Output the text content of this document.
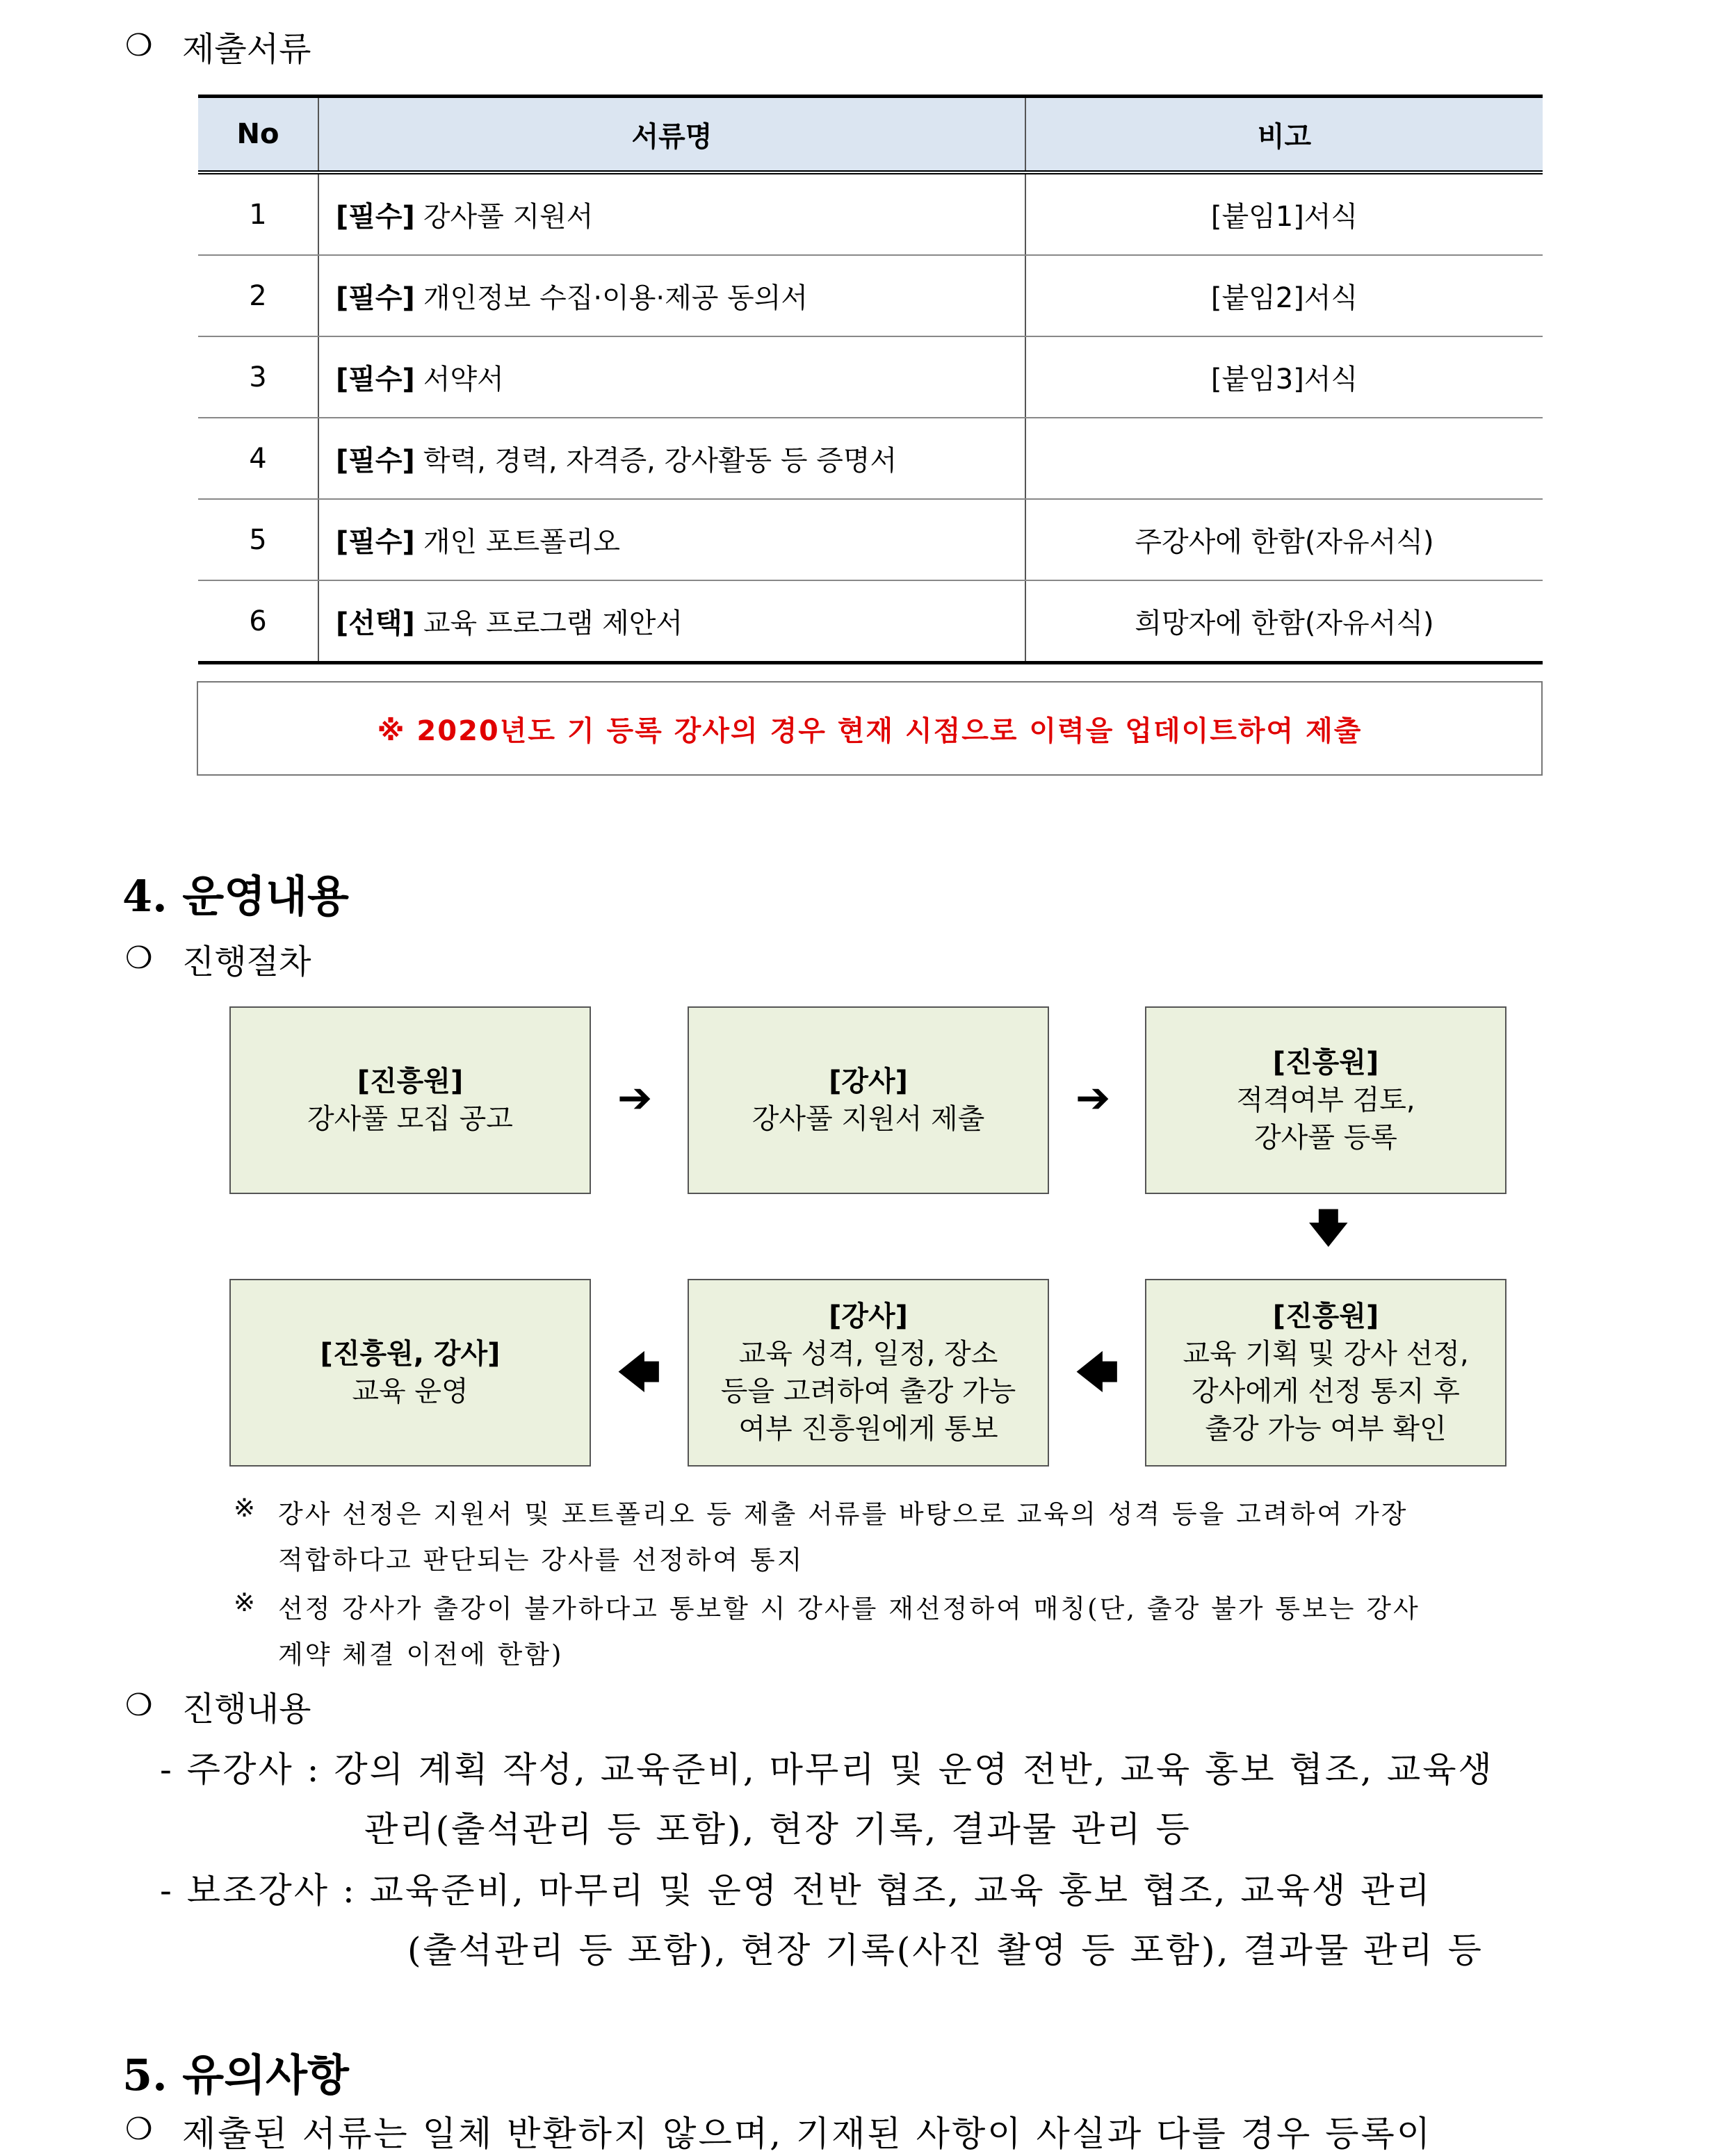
❍ 제출서류
No	서류명	비고
1	[필수] 강사풀 지원서	[붙임1]서식
2	[필수] 개인정보 수집·이용·제공 동의서	[붙임2]서식
3	[필수] 서약서	[붙임3]서식
4	[필수] 학력, 경력, 자격증, 강사활동 등 증명서	
5	[필수] 개인 포트폴리오	주강사에 한함(자유서식)
6	[선택] 교육 프로그램 제안서	희망자에 한함(자유서식)
※ 2020년도 기 등록 강사의 경우 현재 시점으로 이력을 업데이트하여 제출
4. 운영내용
❍ 진행절차
[진흥원]
강사풀 모집 공고	➔	[강사]
강사풀 지원서 제출 ➔
[진흥원]
적격여부 검토,
강사풀 등록
🡇
[진흥원]
교육 기획 및 강사 선정,
강사에게 선정 통지 후
출강 가능 여부 확인
🡄
[강사]
교육 성격, 일정, 장소
등을 고려하여 출강 가능
여부 진흥원에게 통보
🡄
[진흥원, 강사]
교육 운영
※ 강사 선정은 지원서 및 포트폴리오 등 제출 서류를 바탕으로 교육의 성격 등을 고려하여 가장
적합하다고 판단되는 강사를 선정하여 통지
※ 선정 강사가 출강이 불가하다고 통보할 시 강사를 재선정하여 매칭(단, 출강 불가 통보는 강사
계약 체결 이전에 한함)
❍ 진행내용
- 주강사 : 강의 계획 작성, 교육준비, 마무리 및 운영 전반, 교육 홍보 협조, 교육생
관리(출석관리 등 포함), 현장 기록, 결과물 관리 등
- 보조강사 : 교육준비, 마무리 및 운영 전반 협조, 교육 홍보 협조, 교육생 관리
(출석관리 등 포함), 현장 기록(사진 촬영 등 포함), 결과물 관리 등
5. 유의사항
❍ 제출된 서류는 일체 반환하지 않으며, 기재된 사항이 사실과 다를 경우 등록이
